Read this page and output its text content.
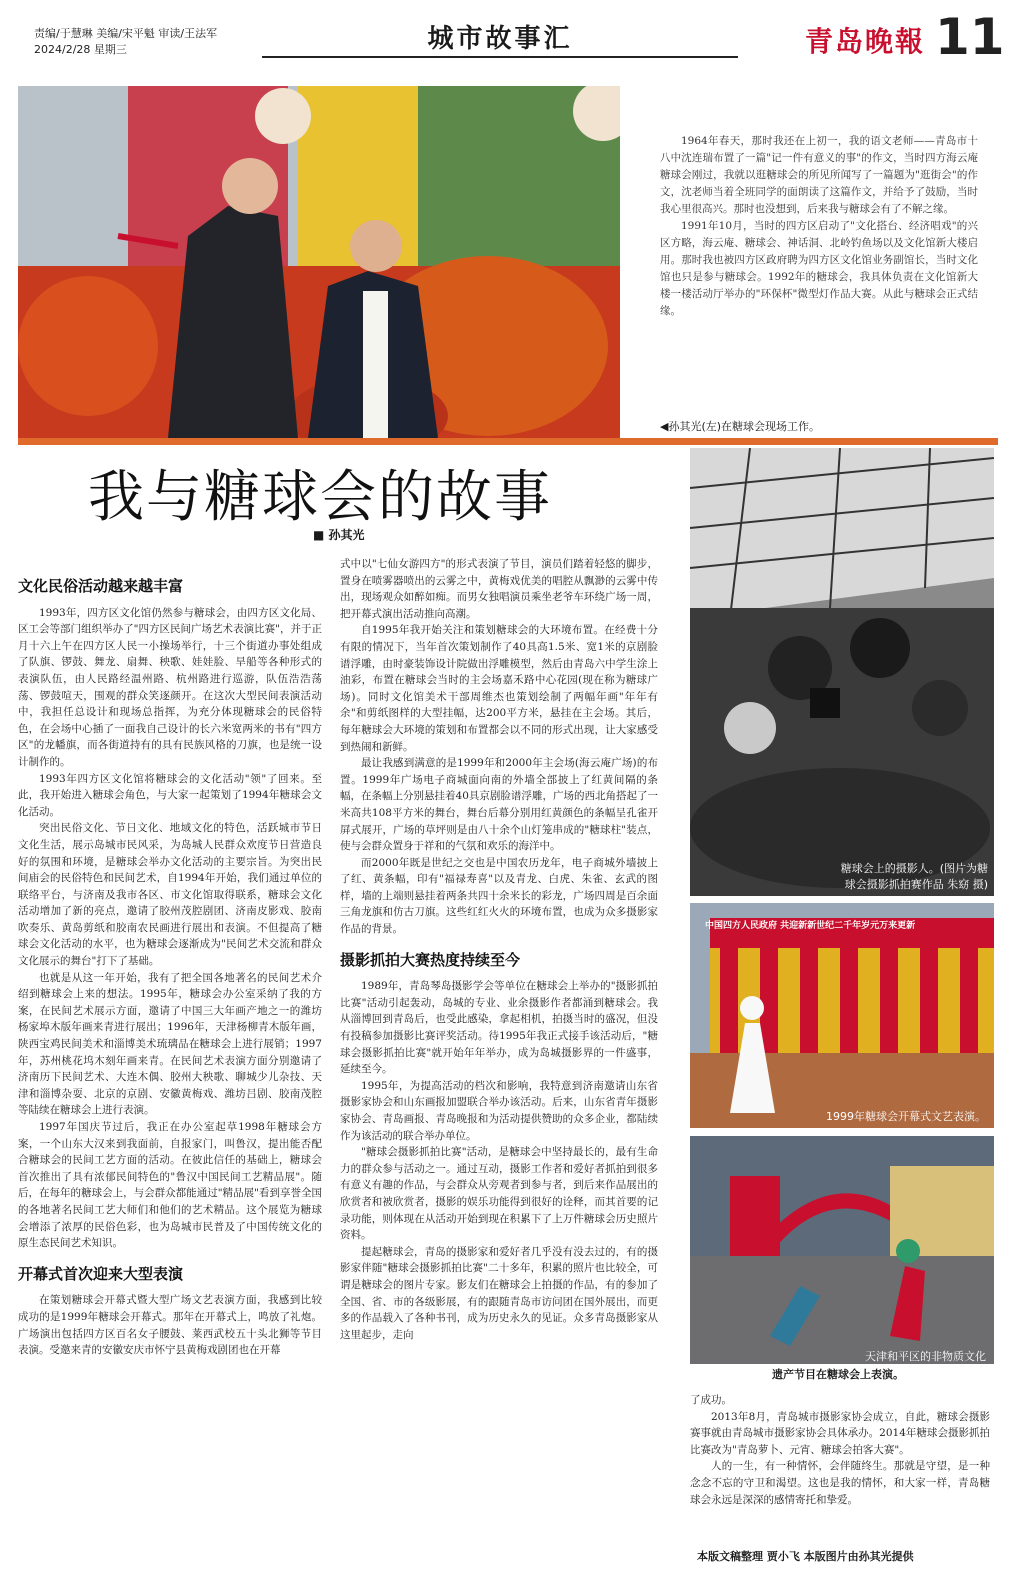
责编/于慧琳 美编/宋平魁 审读/王法军
2024/2/28 星期三	城市故事汇	青岛晚報 11

1964年春天，那时我还在上初一，我的语文老师——青岛市十八中沈连瑞布置了一篇"记一件有意义的事"的作文，当时四方海云庵糖球会刚过，我就以逛糖球会的所见所闻写了一篇题为"逛街会"的作文，沈老师当着全班同学的面朗读了这篇作文，并给予了鼓励，当时我心里很高兴。那时也没想到，后来我与糖球会有了不解之缘。

1991年10月，当时的四方区启动了"文化搭台、经济唱戏"的兴区方略，海云庵、糖球会、神话洞、北岭钓鱼场以及文化馆新大楼启用。那时我也被四方区政府聘为四方区文化馆业务副馆长，当时文化馆也只是参与糖球会。1992年的糖球会，我具体负责在文化馆新大楼一楼活动厅举办的"环保杯"微型灯作品大赛。从此与糖球会正式结缘。

◀孙其光(左)在糖球会现场工作。
我与糖球会的故事
■ 孙其光
文化民俗活动越来越丰富

1993年，四方区文化馆仍然参与糖球会，由四方区文化局、区工会等部门组织举办了"四方区民间广场艺术表演比赛"，并于正月十六上午在四方区人民一小操场举行，十三个街道办事处组成了队旗、锣鼓、舞龙、扇舞、秧歌、娃娃脸、旱船等各种形式的表演队伍，由人民路经温州路、杭州路进行巡游，队伍浩浩荡荡、锣鼓喧天，围观的群众笑逐颜开。在这次大型民间表演活动中，我担任总设计和现场总指挥，为充分体现糖球会的民俗特色，在会场中心插了一面我自己设计的长六米宽两米的书有"四方区"的龙幡旗，而各街道持有的具有民族风格的刀旗，也是统一设计制作的。

1993年四方区文化馆将糖球会的文化活动"领"了回来。至此，我开始进入糖球会角色，与大家一起策划了1994年糖球会文化活动。

突出民俗文化、节日文化、地域文化的特色，活跃城市节日文化生活，展示岛城市民风采，为岛城人民群众欢度节日营造良好的氛围和环境，是糖球会举办文化活动的主要宗旨。为突出民间庙会的民俗特色和民间艺术，自1994年开始，我们通过单位的联络平台，与济南及我市各区、市文化馆取得联系，糖球会文化活动增加了新的亮点，邀请了胶州茂腔剧团、济南皮影戏、胶南吹奏乐、黄岛剪纸和胶南农民画进行展出和表演。不但提高了糖球会文化活动的水平，也为糖球会逐渐成为"民间艺术交流和群众文化展示的舞台"打下了基础。

也就是从这一年开始，我有了把全国各地著名的民间艺术介绍到糖球会上来的想法。1995年，糖球会办公室采纳了我的方案，在民间艺术展示方面，邀请了中国三大年画产地之一的潍坊杨家埠木版年画来青进行展出；1996年，天津杨柳青木版年画，陕西宝鸡民间美术和淄博美术琉璃品在糖球会上进行展销；1997年，苏州桃花坞木刻年画来青。在民间艺术表演方面分别邀请了济南历下民间艺术、大连木偶、胶州大秧歌、聊城少儿杂技、天津和淄博杂耍、北京的京剧、安徽黄梅戏、潍坊吕剧、胶南茂腔等陆续在糖球会上进行表演。

1997年国庆节过后，我正在办公室起草1998年糖球会方案，一个山东大汉来到我面前，自报家门，叫鲁汉，提出能否配合糖球会的民间工艺方面的活动。在彼此信任的基础上，糖球会首次推出了具有浓郁民间特色的"鲁汉中国民间工艺精品展"。随后，在每年的糖球会上，与会群众都能通过"精品展"看到享誉全国的各地著名民间工艺大师们和他们的艺术精品。这个展览为糖球会增添了浓厚的民俗色彩，也为岛城市民普及了中国传统文化的原生态民间艺术知识。

开幕式首次迎来大型表演

在策划糖球会开幕式暨大型广场文艺表演方面，我感到比较成功的是1999年糖球会开幕式。那年在开幕式上，鸣放了礼炮。广场演出包括四方区百名女子腰鼓、莱西武校五十头北狮等节目表演。受邀来青的安徽安庆市怀宁县黄梅戏剧团也在开幕

式中以"七仙女游四方"的形式表演了节目，演员们踏着轻悠的脚步，置身在喷雾器喷出的云雾之中，黄梅戏优美的唱腔从飘渺的云雾中传出，现场观众如醉如痴。而男女独唱演员乘坐老爷车环绕广场一周，把开幕式演出活动推向高潮。

自1995年我开始关注和策划糖球会的大环境布置。在经费十分有限的情况下，当年首次策划制作了40具高1.5米、宽1米的京剧脸谱浮雕，由时豪装饰设计院做出浮雕模型，然后由青岛六中学生涂上油彩，布置在糖球会当时的主会场嘉禾路中心花园(现在称为糖球广场)。同时文化馆美术干部周维杰也策划绘制了两幅年画"年年有余"和剪纸图样的大型挂幅，达200平方米，悬挂在主会场。其后，每年糖球会大环境的策划和布置都会以不同的形式出现，让大家感受到热闹和新鲜。

最让我感到满意的是1999年和2000年主会场(海云庵广场)的布置。1999年广场电子商城面向南的外墙全部披上了红黄间隔的条幅，在条幅上分别悬挂着40具京剧脸谱浮雕，广场的西北角搭起了一米高共108平方米的舞台，舞台后幕分别用红黄颜色的条幅呈孔雀开屏式展开，广场的草坪则是由八十余个山灯笼串成的"糖球柱"装点，使与会群众置身于祥和的气氛和欢乐的海洋中。

而2000年既是世纪之交也是中国农历龙年，电子商城外墙披上了红、黄条幅，印有"福禄寿喜"以及青龙、白虎、朱雀、玄武的图样，墙的上端则悬挂着两条共四十余米长的彩龙，广场四周是百余面三角龙旗和仿古刀旗。这些红红火火的环境布置，也成为众多摄影家作品的背景。

摄影抓拍大赛热度持续至今

1989年，青岛琴岛摄影学会等单位在糖球会上举办的"摄影抓拍比赛"活动引起轰动，岛城的专业、业余摄影作者都涌到糖球会。我从淄博回到青岛后，也受此感染，拿起相机，拍摄当时的盛况，但没有投稿参加摄影比赛评奖活动。待1995年我正式接手该活动后，"糖球会摄影抓拍比赛"就开始年年举办，成为岛城摄影界的一件盛事，延续至今。

1995年，为提高活动的档次和影响，我特意到济南邀请山东省摄影家协会和山东画报加盟联合举办该活动。后来，山东省青年摄影家协会、青岛画报、青岛晚报和为活动提供赞助的众多企业，都陆续作为该活动的联合举办单位。

"糖球会摄影抓拍比赛"活动，是糖球会中坚持最长的，最有生命力的群众参与活动之一。通过互动，摄影工作者和爱好者抓拍到很多有意义有趣的作品，与会群众从旁观者到参与者，到后来作品展出的欣赏者和被欣赏者，摄影的娱乐功能得到很好的诠释，而其首要的记录功能，则体现在从活动开始到现在积累下了上万件糖球会历史照片资料。

提起糖球会，青岛的摄影家和爱好者几乎没有没去过的，有的摄影家伴随"糖球会摄影抓拍比赛"二十多年，积累的照片也比较全，可谓是糖球会的图片专家。影友们在糖球会上拍摄的作品，有的参加了全国、省、市的各级影展，有的跟随青岛市访问团在国外展出，而更多的作品载入了各种书刊，成为历史永久的见证。众多青岛摄影家从这里起步，走向

糖球会上的摄影人。(图片为糖
球会摄影抓拍赛作品 朱窈 摄)
1999年糖球会开幕式文艺表演。
中国四方人民政府 共迎新新世纪二千年岁元万来更新
天津和平区的非物质文化
遗产节目在糖球会上表演。

了成功。

2013年8月，青岛城市摄影家协会成立，自此，糖球会摄影赛事就由青岛城市摄影家协会具体承办。2014年糖球会摄影抓拍比赛改为"青岛萝卜、元宵、糖球会拍客大赛"。

人的一生，有一种情怀，会伴随终生。那就是守望，是一种念念不忘的守卫和渴望。这也是我的情怀，和大家一样，青岛糖球会永远是深深的感情寄托和挚爱。

本版文稿整理 贾小飞 本版图片由孙其光提供
